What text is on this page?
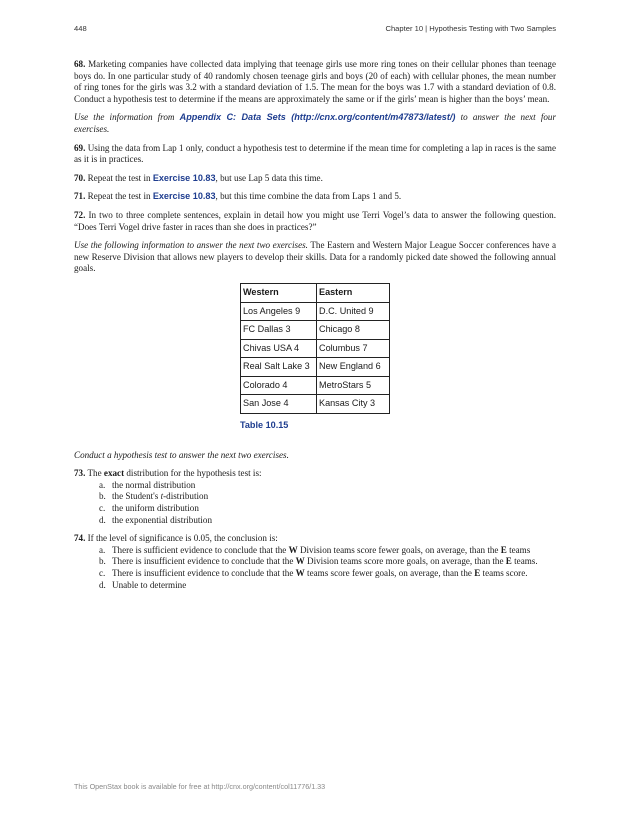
448	Chapter 10 | Hypothesis Testing with Two Samples

68. Marketing companies have collected data implying that teenage girls use more ring tones on their cellular phones than teenage boys do. In one particular study of 40 randomly chosen teenage girls and boys (20 of each) with cellular phones, the mean number of ring tones for the girls was 3.2 with a standard deviation of 1.5. The mean for the boys was 1.7 with a standard deviation of 0.8. Conduct a hypothesis test to determine if the means are approximately the same or if the girls’ mean is higher than the boys’ mean.

Use the information from Appendix C: Data Sets (http://cnx.org/content/m47873/latest/) to answer the next four exercises.

69. Using the data from Lap 1 only, conduct a hypothesis test to determine if the mean time for completing a lap in races is the same as it is in practices.

70. Repeat the test in Exercise 10.83, but use Lap 5 data this time.

71. Repeat the test in Exercise 10.83, but this time combine the data from Laps 1 and 5.

72. In two to three complete sentences, explain in detail how you might use Terri Vogel’s data to answer the following question. “Does Terri Vogel drive faster in races than she does in practices?”

Use the following information to answer the next two exercises. The Eastern and Western Major League Soccer conferences have a new Reserve Division that allows new players to develop their skills. Data for a randomly picked date showed the following annual goals.

Western	Eastern
Los Angeles 9	D.C. United 9
FC Dallas 3	Chicago 8
Chivas USA 4	Columbus 7
Real Salt Lake 3	New England 6
Colorado 4	MetroStars 5
San Jose 4	Kansas City 3
Table 10.15

Conduct a hypothesis test to answer the next two exercises.

73. The exact distribution for the hypothesis test is:

a. the normal distribution
b. the Student's t-distribution
c. the uniform distribution
d. the exponential distribution

74. If the level of significance is 0.05, the conclusion is:

a. There is sufficient evidence to conclude that the W Division teams score fewer goals, on average, than the E teams
b. There is insufficient evidence to conclude that the W Division teams score more goals, on average, than the E teams.
c. There is insufficient evidence to conclude that the W teams score fewer goals, on average, than the E teams score.
d. Unable to determine
This OpenStax book is available for free at http://cnx.org/content/col11776/1.33
